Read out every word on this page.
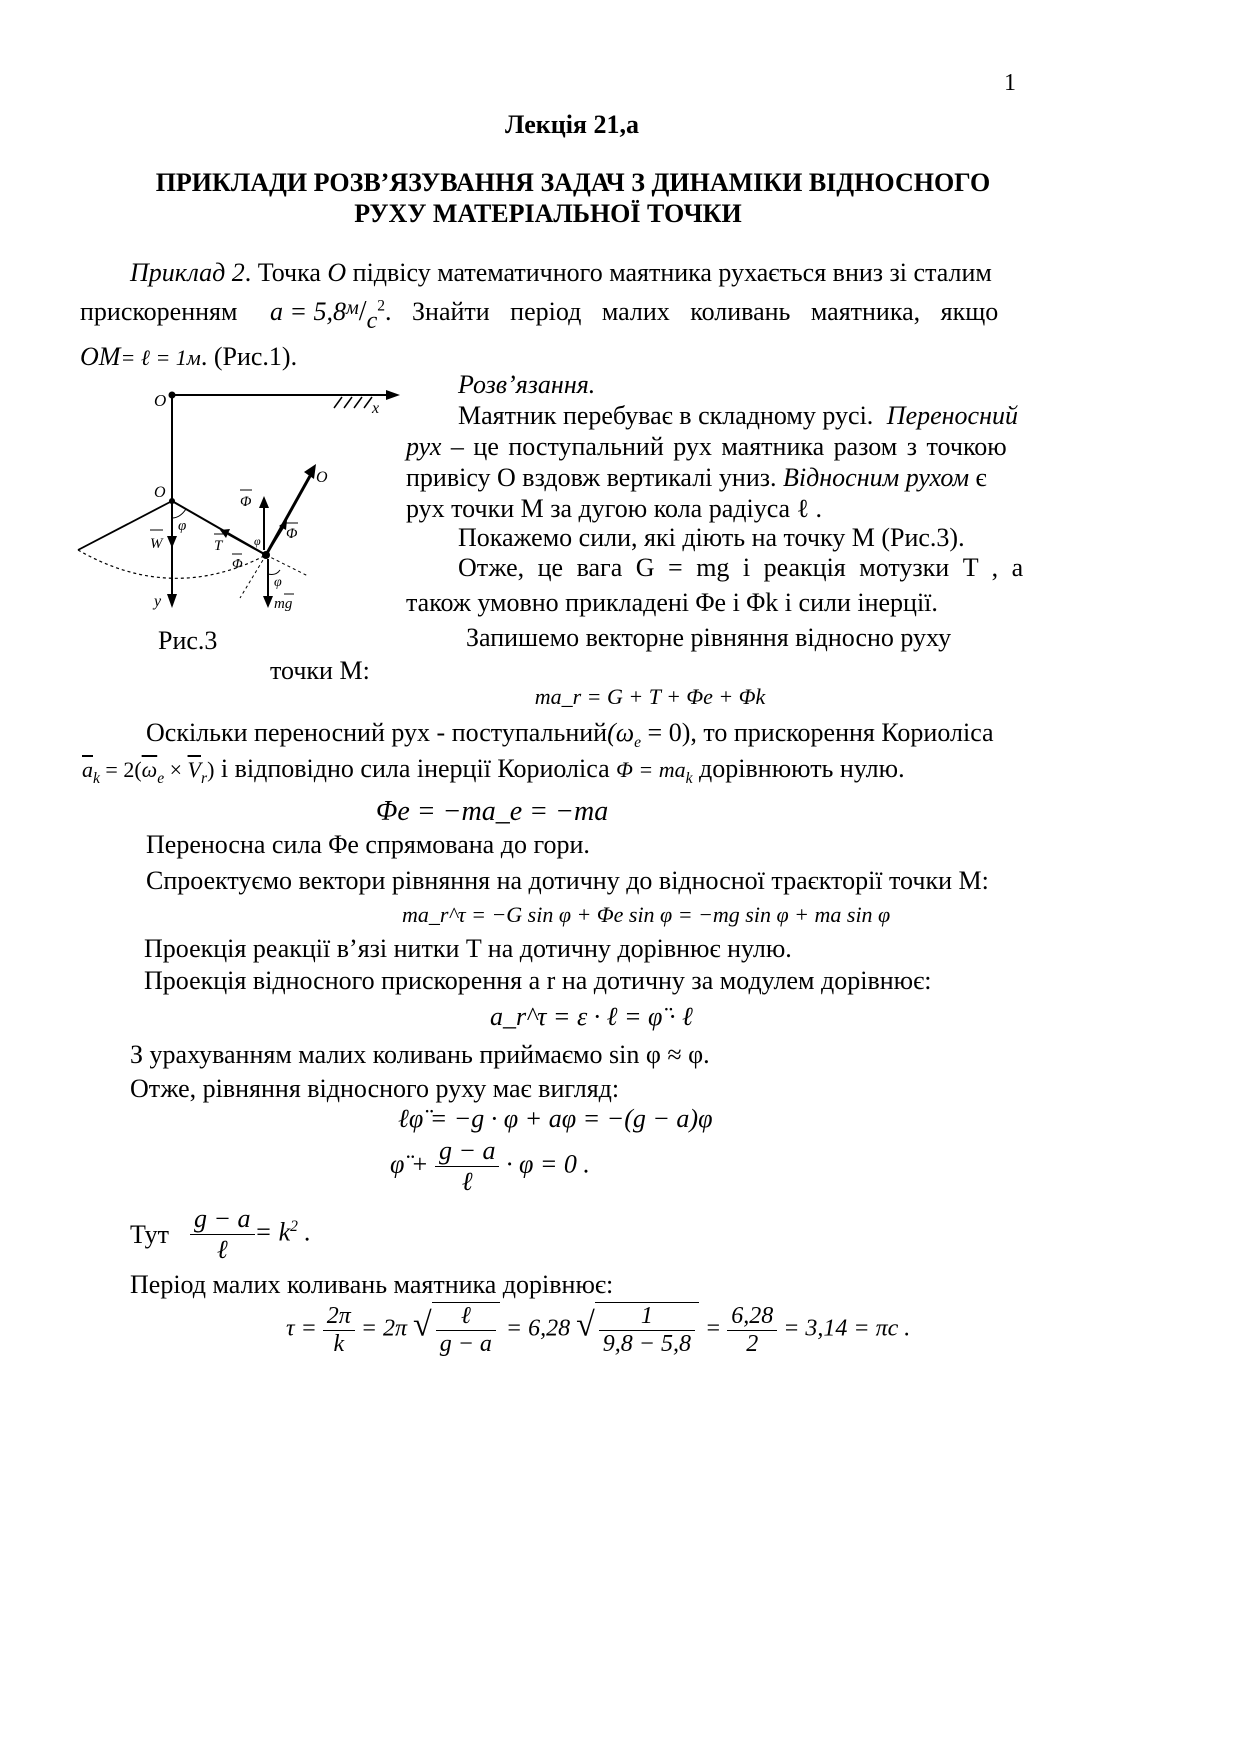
1
Лекція 21,а
ПРИКЛАДИ РОЗВ’ЯЗУВАННЯ ЗАДАЧ З ДИНАМІКИ ВІДНОСНОГО
РУХУ МАТЕРІАЛЬНОЇ ТОЧКИ
Приклад 2. Точка O підвісу математичного маятника рухається вниз зі сталим
прискоренням $a = 5,8^м/с^2$. Знайти період малих коливань маятника, якщо
OM= ℓ = 1м. (Рис.1).
O	x
y
O
W
φ
T
O
Φ
Φ
Φ
φ
mg
φ
Рис.3
Розв’язання.
Маятник перебуває в складному русі. Переносний
рух – це поступальний рух маятника разом з точкою
привісу O вздовж вертикалі униз. Відносним рухом є
рух точки M за дугою кола радіуса ℓ .
Покажемо сили, які діють на точку M (Рис.3).
Отже, це вага G = mg і реакція мотузки T , а
також умовно прикладені Φe і Φk і сили інерції.
Запишемо векторне рівняння відносно руху
точки M:
ma_r = G + T + Φe + Φk
Оскільки переносний рух - $поступальний(\omega_e = 0)$, то прискорення Кориоліса
$\overline{a}_k = 2(\overline{\omega}_e \times \overline{V}_r)$ і відповідно сила інерції Кориоліса $\Phi = ma_k$ дорівнюють нулю.
Φe = −ma_e = −ma
Переносна сила Φe спрямована до гори.
Спроектуємо вектори рівняння на дотичну до відносної траєкторії точки M:
ma_r^τ = −G sin φ + Φe sin φ = −mg sin φ + ma sin φ
Проекція реакції в’язі нитки T на дотичну дорівнює нулю.
Проекція відносного прискорення a r на дотичну за модулем дорівнює:
a_r^τ = ε · ℓ = φ̈ · ℓ
З урахуванням малих коливань приймаємо sin φ ≈ φ.
Отже, рівняння відносного руху має вигляд:
ℓφ̈ = −g · φ + aφ = −(g − a)φ
φ̈ + $\frac{g - a}{\text{ℓ}} \cdot \varphi = 0$ .
Тут $\frac{g - a}{\text{ℓ}} = k^2$ .
Період малих коливань маятника дорівнює:
$\tau = \frac{2\pi}{k} = 2\pi$ √ $\frac{\text{ℓ}}{g - a} = 6,28$ √ $\frac{1}{9,8 - 5,8} = \frac{6,28}{2} = 3,14 = \pi с$ .
